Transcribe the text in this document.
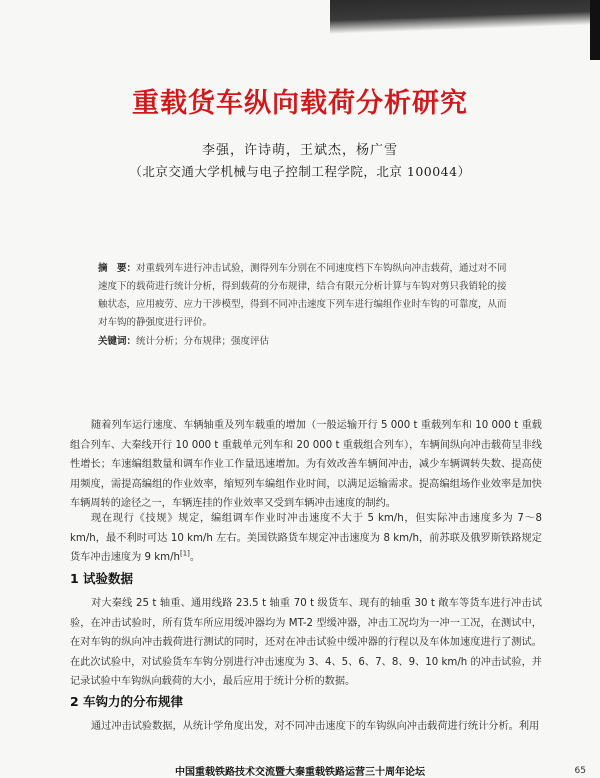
重载货车纵向载荷分析研究
李强，许诗萌，王斌杰，杨广雪
（北京交通大学机械与电子控制工程学院，北京 100044）
摘　要：对重载列车进行冲击试验，测得列车分别在不同速度档下车钩纵向冲击载荷，通过对不同速度下的载荷进行统计分析，得到载荷的分布规律，结合有限元分析计算与车钩对剪只我销轮的接触状态，应用疲劳、应力干涉模型，得到不同冲击速度下列车进行编组作业时车钩的可靠度，从而对车钩的静强度进行评价。
关键词：统计分析；分布规律；强度评估
随着列车运行速度、车辆轴重及列车载重的增加（一般运输开行 5 000 t 重载列车和 10 000 t 重载组合列车、大秦线开行 10 000 t 重载单元列车和 20 000 t 重载组合列车），车辆间纵向冲击载荷呈非线性增长；车速编组数量和调车作业工作量迅速增加。为有效改善车辆间冲击，减少车辆调转失数、提高使用频度，需提高编组的作业效率，缩短列车编组作业时间，以满足运输需求。提高编组场作业效率是加快车辆周转的途径之一，车辆连挂的作业效率又受到车辆冲击速度的制约。
现在现行《技规》规定，编组调车作业时冲击速度不大于 5 km/h，但实际冲击速度多为 7～8 km/h，最不利时可达 10 km/h 左右。美国铁路货车规定冲击速度为 8 km/h，前苏联及俄罗斯铁路规定货车冲击速度为 9 km/h[1]。
1 试验数据
对大秦线 25 t 轴重、通用线路 23.5 t 轴重 70 t 级货车、现有的轴重 30 t 敞车等货车进行冲击试验，在冲击试验时，所有货车所应用缓冲器均为 MT-2 型缓冲器，冲击工况均为一冲一工况，在测试中，在对车钩的纵向冲击载荷进行测试的同时，还对在冲击试验中缓冲器的行程以及车体加速度进行了测试。在此次试验中，对试验货车车钩分别进行冲击速度为 3、4、5、6、7、8、9、10 km/h 的冲击试验，并记录试验中车钩纵向载荷的大小，最后应用于统计分析的数据。
2 车钩力的分布规律
通过冲击试验数据，从统计学角度出发，对不同冲击速度下的车钩纵向冲击载荷进行统计分析。利用
中国重载铁路技术交流暨大秦重载铁路运营三十周年论坛	65
